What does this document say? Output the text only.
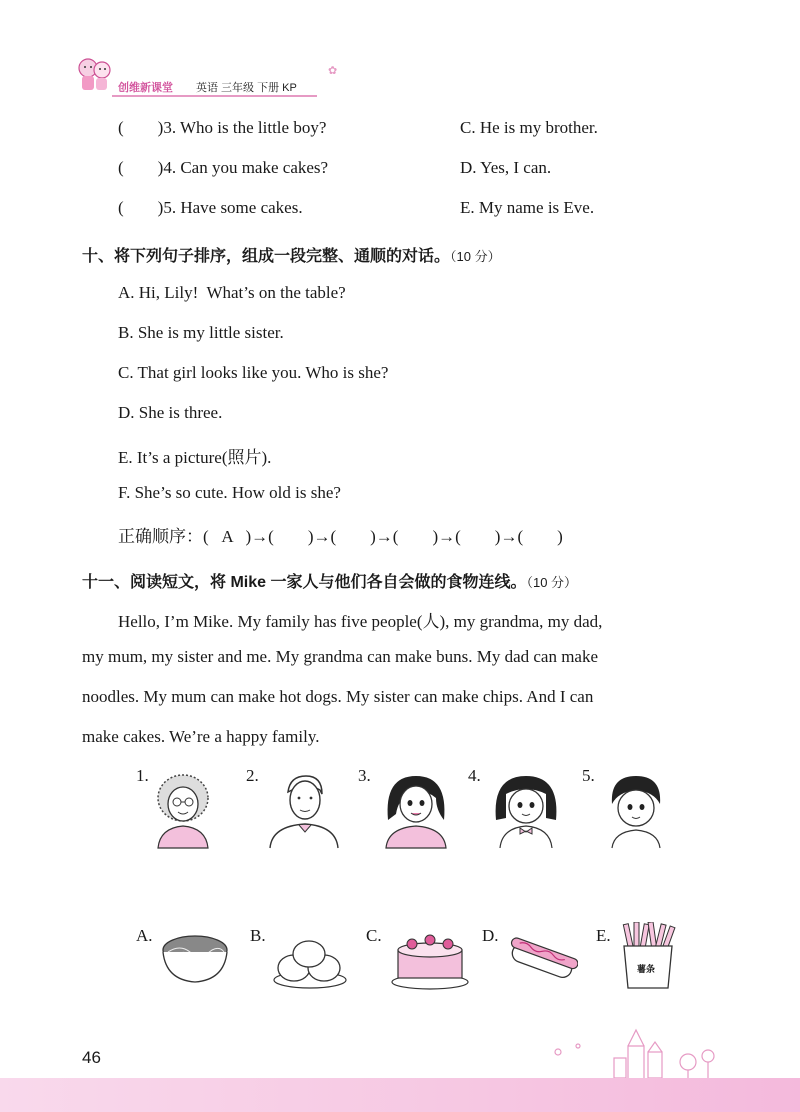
创维新课堂 英语 三年级 下册 KP
✿
(        )3. Who is the little boy?	C. He is my brother.
(        )4. Can you make cakes?	D. Yes, I can.
(        )5. Have some cakes.	E. My name is Eve.
十、将下列句子排序，组成一段完整、通顺的对话。（10 分）
A. Hi, Lily!  What’s on the table?
B. She is my little sister.
C. That girl looks like you. Who is she?
D. She is three.
E. It’s a picture(照片).
F. She’s so cute. How old is she?
正确顺序：(   A   )→(        )→(        )→(        )→(        )→(        )
十一、阅读短文，将 Mike 一家人与他们各自会做的食物连线。（10 分）
Hello, I’m Mike. My family has five people(人), my grandma, my dad,
my mum, my sister and me. My grandma can make buns. My dad can make
noodles. My mum can make hot dogs. My sister can make chips. And I can
make cakes. We’re a happy family.
1.	2.	3.	4.	5.
A.	B.	C.	D.	E.
薯条
46
